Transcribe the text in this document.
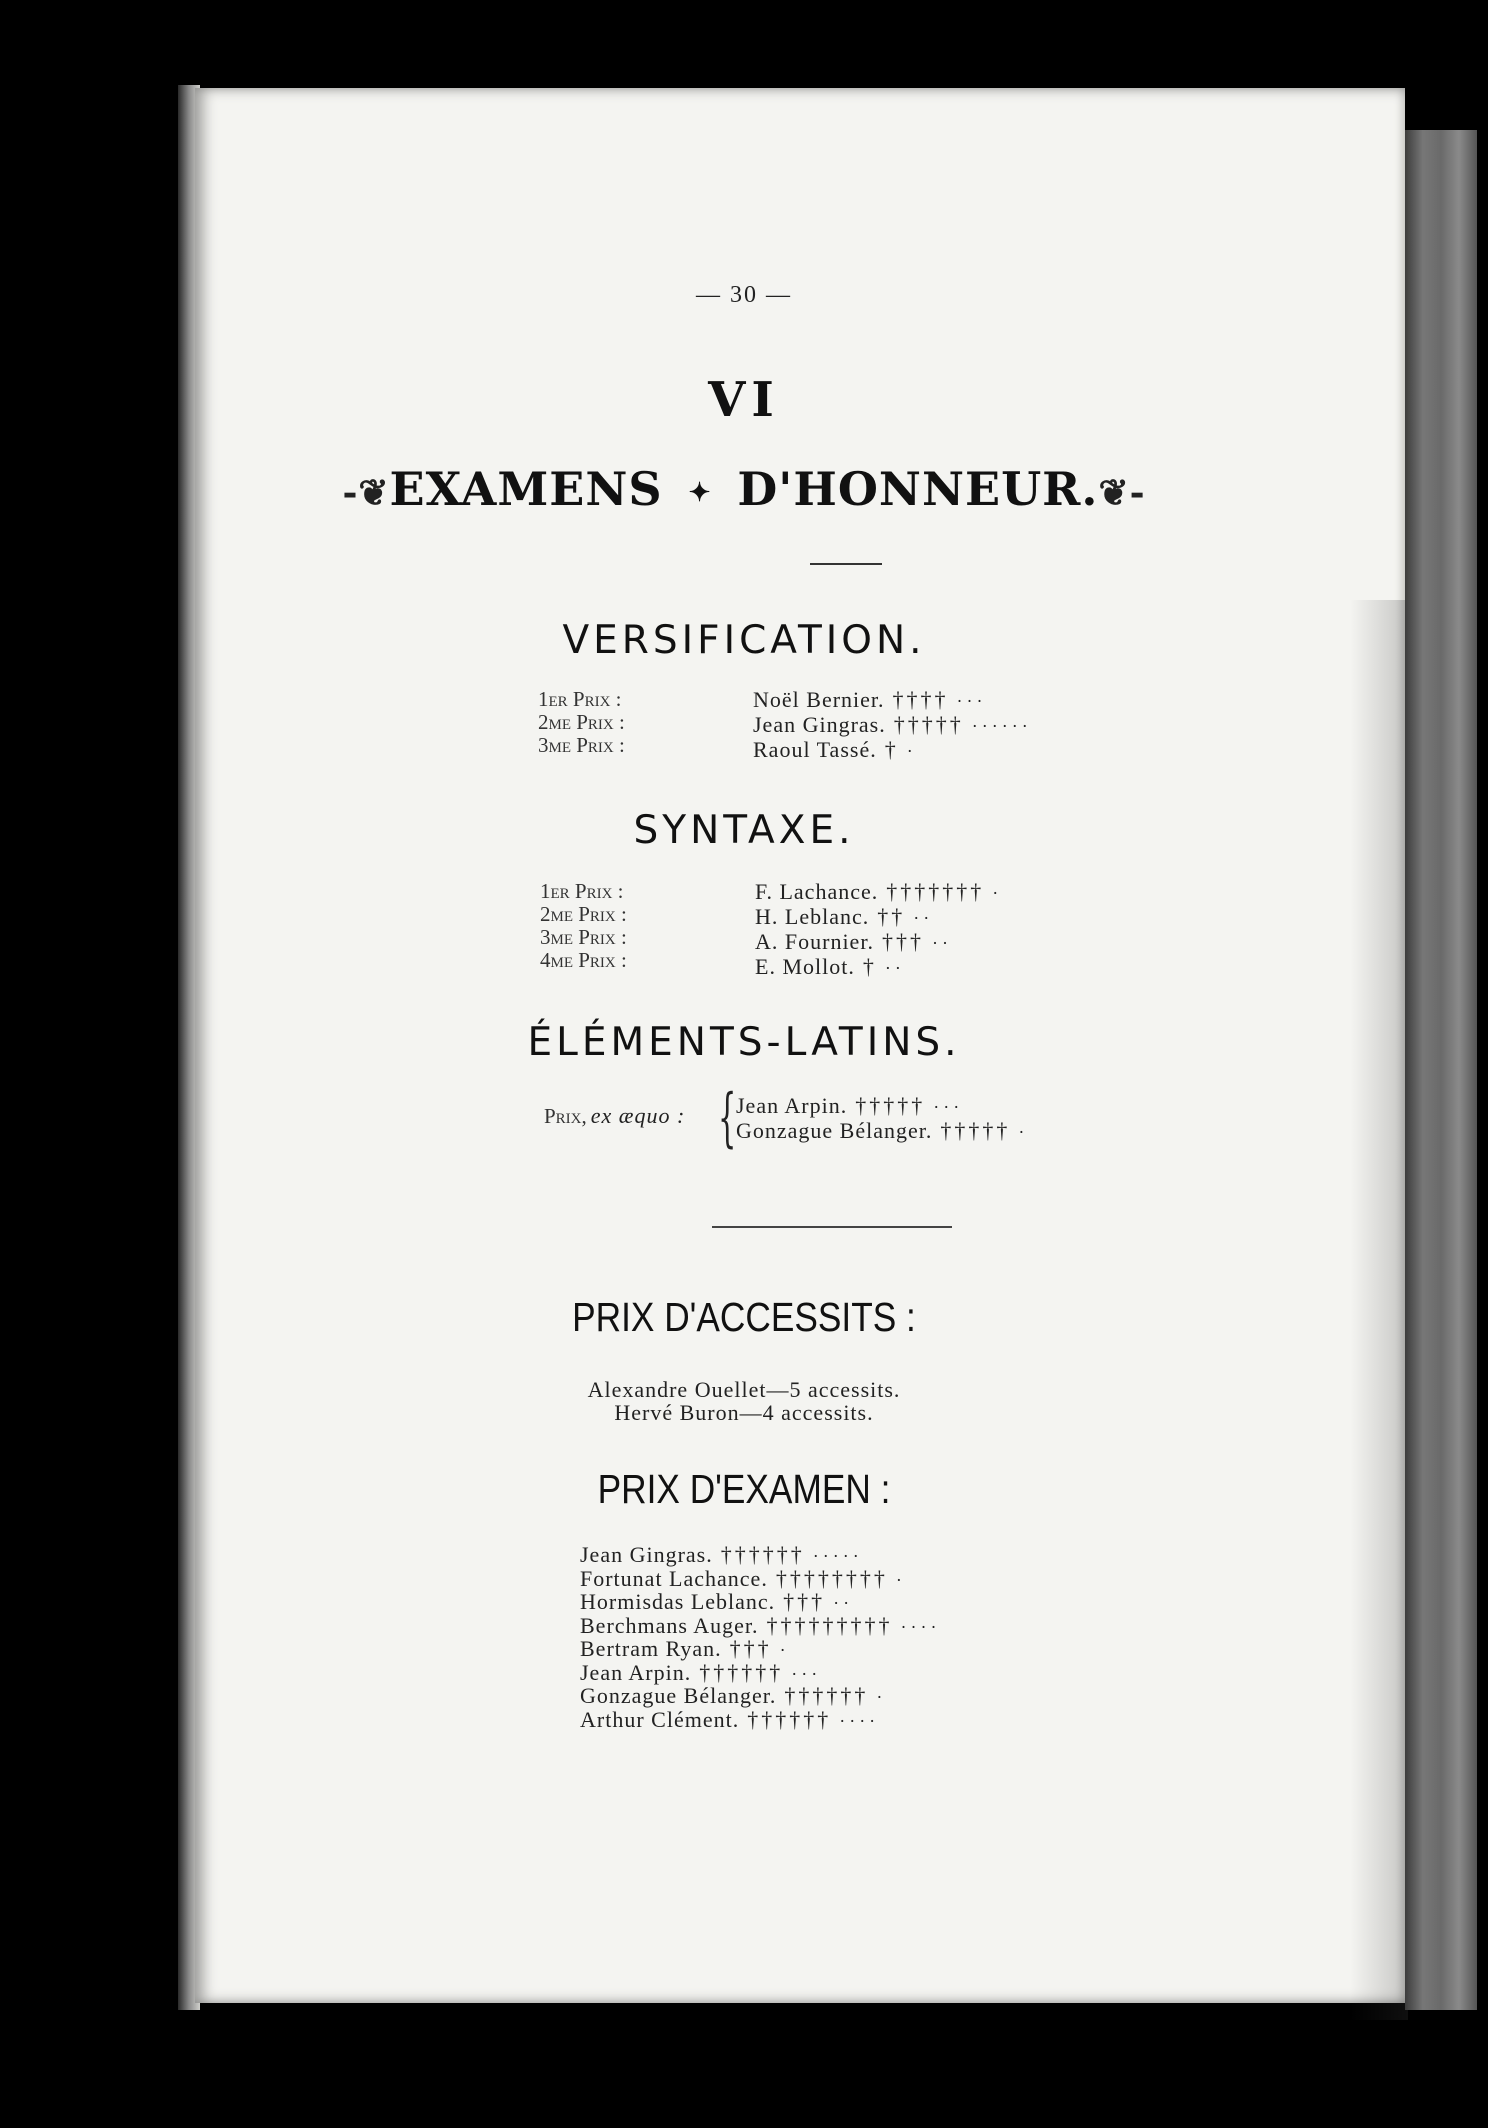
— 30 —
VI
-❦EXAMENS ✦ D'HONNEUR.❦-
VERSIFICATION.
1er Prix :
2me Prix :
3me Prix :
Noël Bernier. †††† ···
Jean Gingras. ††††† ······
Raoul Tassé. † ·
SYNTAXE.
1er Prix :
2me Prix :
3me Prix :
4me Prix :
F. Lachance. ††††††† ·
H. Leblanc. †† ··
A. Fournier. ††† ··
E. Mollot. † ··
ÉLÉMENTS-LATINS.
Prix, ex æquo : { Jean Arpin. ††††† ···
Gonzague Bélanger. ††††† ·
PRIX D'ACCESSITS :
Alexandre Ouellet—5 accessits.
Hervé Buron—4 accessits.
PRIX D'EXAMEN :
Jean Gingras. †††††† ·····
Fortunat Lachance. †††††††† ·
Hormisdas Leblanc. ††† ··
Berchmans Auger. ††††††††† ····
Bertram Ryan. ††† ·
Jean Arpin. †††††† ···
Gonzague Bélanger. †††††† ·
Arthur Clément. †††††† ····
